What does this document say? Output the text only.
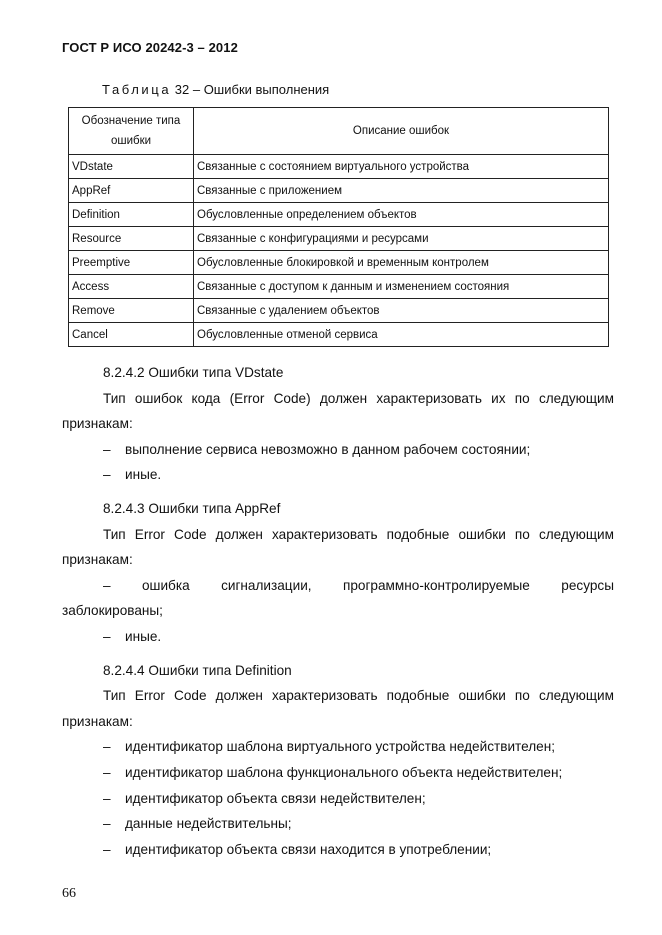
ГОСТ Р ИСО 20242-3 – 2012
Таблица 32 – Ошибки выполнения
Обозначение типа
ошибки	Описание ошибок
VDstate	Связанные с состоянием виртуального устройства
AppRef	Связанные с приложением
Definition	Обусловленные определением объектов
Resource	Связанные с конфигурациями и ресурсами
Preemptive	Обусловленные блокировкой и временным контролем
Access	Связанные с доступом к данным и изменением состояния
Remove	Связанные с удалением объектов
Cancel	Обусловленные отменой сервиса

8.2.4.2 Ошибки типа VDstate

Тип ошибок кода (Error Code) должен характеризовать их по следующим

признакам:

–	выполнение сервиса невозможно в данном рабочем состоянии;

–	иные.

8.2.4.3 Ошибки типа AppRef

Тип Error Code должен характеризовать подобные ошибки по следующим

признакам:

– ошибка сигнализации, программно-контролируемые ресурсы

заблокированы;

–	иные.

8.2.4.4 Ошибки типа Definition

Тип Error Code должен характеризовать подобные ошибки по следующим

признакам:

–	идентификатор шаблона виртуального устройства недействителен;

–	идентификатор шаблона функционального объекта недействителен;

–	идентификатор объекта связи недействителен;

–	данные недействительны;

–	идентификатор объекта связи находится в употреблении;

66
